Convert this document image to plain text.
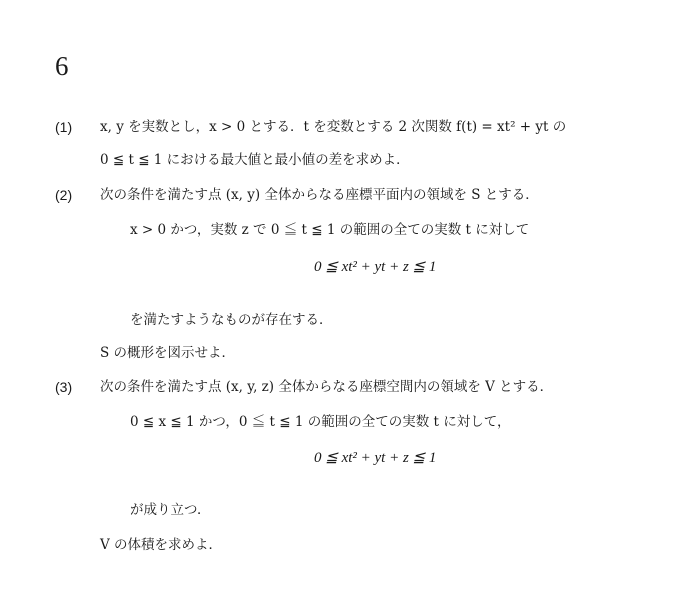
6
(1) x, y を実数とし，x > 0 とする．t を変数とする 2 次関数 f(t) = xt² + yt の
0 ≦ t ≦ 1 における最大値と最小値の差を求めよ．
(2) 次の条件を満たす点 (x, y) 全体からなる座標平面内の領域を S とする．
x > 0 かつ，実数 z で 0 ≦ t ≦ 1 の範囲の全ての実数 t に対して
0 ≦ xt² + yt + z ≦ 1
を満たすようなものが存在する．
S の概形を図示せよ．
(3) 次の条件を満たす点 (x, y, z) 全体からなる座標空間内の領域を V とする．
0 ≦ x ≦ 1 かつ，0 ≦ t ≦ 1 の範囲の全ての実数 t に対して，
0 ≦ xt² + yt + z ≦ 1
が成り立つ．
V の体積を求めよ．
